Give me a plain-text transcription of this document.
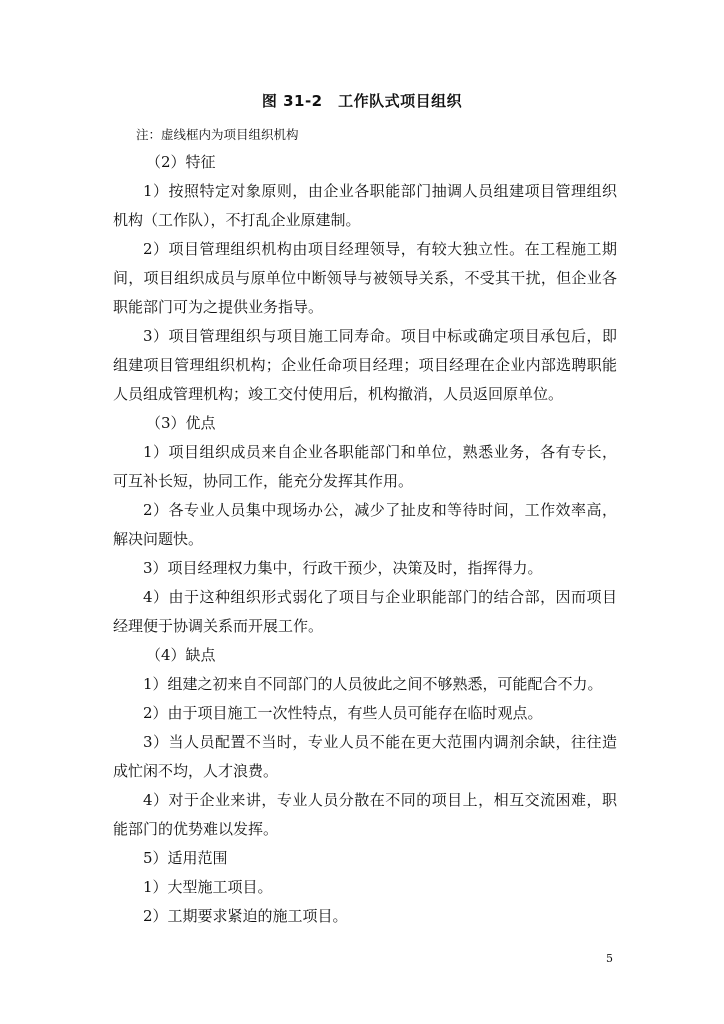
图 31-2　工作队式项目组织
注：虚线框内为项目组织机构

（2）特征

1）按照特定对象原则，由企业各职能部门抽调人员组建项目管理组织机构（工作队），不打乱企业原建制。

2）项目管理组织机构由项目经理领导，有较大独立性。在工程施工期间，项目组织成员与原单位中断领导与被领导关系，不受其干扰，但企业各职能部门可为之提供业务指导。

3）项目管理组织与项目施工同寿命。项目中标或确定项目承包后，即组建项目管理组织机构；企业任命项目经理；项目经理在企业内部选聘职能人员组成管理机构；竣工交付使用后，机构撤消，人员返回原单位。

（3）优点

1）项目组织成员来自企业各职能部门和单位，熟悉业务，各有专长，可互补长短，协同工作，能充分发挥其作用。

2）各专业人员集中现场办公，减少了扯皮和等待时间，工作效率高，解决问题快。

3）项目经理权力集中，行政干预少，决策及时，指挥得力。

4）由于这种组织形式弱化了项目与企业职能部门的结合部，因而项目经理便于协调关系而开展工作。

（4）缺点

1）组建之初来自不同部门的人员彼此之间不够熟悉，可能配合不力。

2）由于项目施工一次性特点，有些人员可能存在临时观点。

3）当人员配置不当时，专业人员不能在更大范围内调剂余缺，往往造成忙闲不均，人才浪费。

4）对于企业来讲，专业人员分散在不同的项目上，相互交流困难，职能部门的优势难以发挥。

5）适用范围

1）大型施工项目。

2）工期要求紧迫的施工项目。

5
